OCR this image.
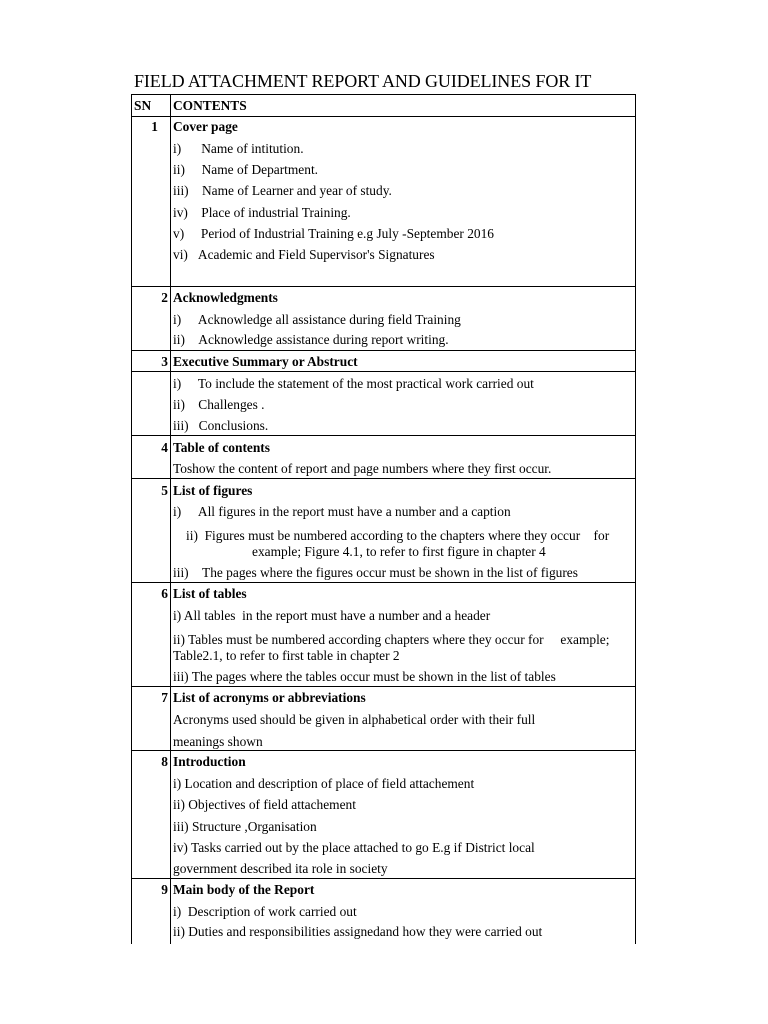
FIELD ATTACHMENT REPORT AND GUIDELINES FOR IT
SN CONTENTS
1 Cover page
i)      Name of intitution.
ii)     Name of Department.
iii)    Name of Learner and year of study.
iv)    Place of industrial Training.
v)     Period of Industrial Training e.g July -September 2016
vi)   Academic and Field Supervisor's Signatures
2 Acknowledgments
i)     Acknowledge all assistance during field Training
ii)    Acknowledge assistance during report writing.
3 Executive Summary or Abstruct
i)     To include the statement of the most practical work carried out
ii)    Challenges .
iii)   Conclusions.
4 Table of contents
Toshow the content of report and page numbers where they first occur.
5 List of figures
i)     All figures in the report must have a number and a caption
ii)  Figures must be numbered according to the chapters where they occur    for
example; Figure 4.1, to refer to first figure in chapter 4
iii)    The pages where the figures occur must be shown in the list of figures
6 List of tables
i) All tables  in the report must have a number and a header
ii) Tables must be numbered according chapters where they occur for     example;
Table2.1, to refer to first table in chapter 2
iii) The pages where the tables occur must be shown in the list of tables
7 List of acronyms or abbreviations
Acronyms used should be given in alphabetical order with their full
meanings shown
8 Introduction
i) Location and description of place of field attachement
ii) Objectives of field attachement
iii) Structure ,Organisation
iv) Tasks carried out by the place attached to go E.g if District local
government described ita role in society
9 Main body of the Report
i)  Description of work carried out
ii) Duties and responsibilities assignedand how they were carried out
